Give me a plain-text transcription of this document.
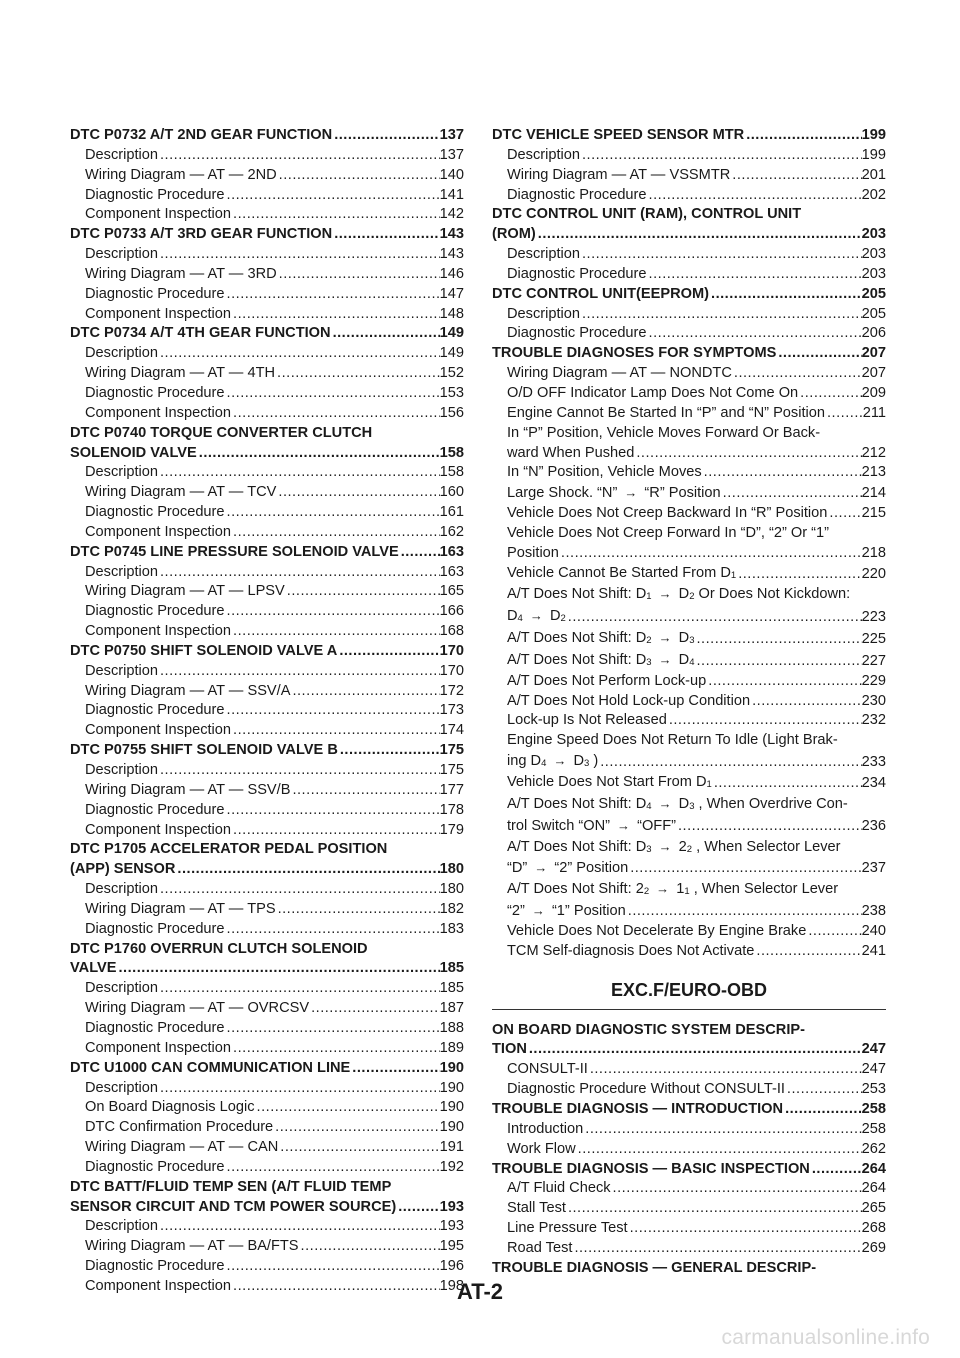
DTC P0732 A/T 2ND GEAR FUNCTION .....	137
Description .....	137
Wiring Diagram — AT — 2ND .....	140
Diagnostic Procedure .....	141
Component Inspection .....	142
DTC P0733 A/T 3RD GEAR FUNCTION .....	143
Description .....	143
Wiring Diagram — AT — 3RD .....	146
Diagnostic Procedure .....	147
Component Inspection .....	148
DTC P0734 A/T 4TH GEAR FUNCTION .....	149
Description .....	149
Wiring Diagram — AT — 4TH .....	152
Diagnostic Procedure .....	153
Component Inspection .....	156
DTC P0740 TORQUE CONVERTER CLUTCH
SOLENOID VALVE .....	158
Description .....	158
Wiring Diagram — AT — TCV .....	160
Diagnostic Procedure .....	161
Component Inspection .....	162
DTC P0745 LINE PRESSURE SOLENOID VALVE .....	163
Description .....	163
Wiring Diagram — AT — LPSV .....	165
Diagnostic Procedure .....	166
Component Inspection .....	168
DTC P0750 SHIFT SOLENOID VALVE A .....	170
Description .....	170
Wiring Diagram — AT — SSV/A .....	172
Diagnostic Procedure .....	173
Component Inspection .....	174
DTC P0755 SHIFT SOLENOID VALVE B .....	175
Description .....	175
Wiring Diagram — AT — SSV/B .....	177
Diagnostic Procedure .....	178
Component Inspection .....	179
DTC P1705 ACCELERATOR PEDAL POSITION
(APP) SENSOR .....	180
Description .....	180
Wiring Diagram — AT — TPS .....	182
Diagnostic Procedure .....	183
DTC P1760 OVERRUN CLUTCH SOLENOID
VALVE .....	185
Description .....	185
Wiring Diagram — AT — OVRCSV .....	187
Diagnostic Procedure .....	188
Component Inspection .....	189
DTC U1000 CAN COMMUNICATION LINE .....	190
Description .....	190
On Board Diagnosis Logic .....	190
DTC Confirmation Procedure .....	190
Wiring Diagram — AT — CAN .....	191
Diagnostic Procedure .....	192
DTC BATT/FLUID TEMP SEN (A/T FLUID TEMP
SENSOR CIRCUIT AND TCM POWER SOURCE) .....	193
Description .....	193
Wiring Diagram — AT — BA/FTS .....	195
Diagnostic Procedure .....	196
Component Inspection .....	198
DTC VEHICLE SPEED SENSOR MTR .....	199
Description .....	199
Wiring Diagram — AT — VSSMTR .....	201
Diagnostic Procedure .....	202
DTC CONTROL UNIT (RAM), CONTROL UNIT
(ROM) .....	203
Description .....	203
Diagnostic Procedure .....	203
DTC CONTROL UNIT(EEPROM) .....	205
Description .....	205
Diagnostic Procedure .....	206
TROUBLE DIAGNOSES FOR SYMPTOMS .....	207
Wiring Diagram — AT — NONDTC .....	207
O/D OFF Indicator Lamp Does Not Come On .....	209
Engine Cannot Be Started In “P” and “N” Position .....	211
In “P” Position, Vehicle Moves Forward Or Back-
ward When Pushed .....	212
In “N” Position, Vehicle Moves .....	213
Large Shock. “N” → “R” Position .....	214
Vehicle Does Not Creep Backward In “R” Position ..... 215
Vehicle Does Not Creep Forward In “D”, “2” Or “1”
Position .....	218
Vehicle Cannot Be Started From $D_1$ .....	220
A/T Does Not Shift: $D_1 \to D_2$ Or Does Not Kickdown:
$D_4 \to D_2$ .....	223
A/T Does Not Shift: $D_2 \to D_3$ .....	225
A/T Does Not Shift: $D_3 \to D_4$ .....	227
A/T Does Not Perform Lock-up .....	229
A/T Does Not Hold Lock-up Condition .....	230
Lock-up Is Not Released .....	232
Engine Speed Does Not Return To Idle (Light Brak-
ing $D_4 \to D_3$ ) .....	233
Vehicle Does Not Start From $D_1$ .....	234
A/T Does Not Shift: $D_4 \to D_3$ , When Overdrive Con-
trol Switch “ON” → “OFF” .....	236
A/T Does Not Shift: $D_3 \to 2_2$ , When Selector Lever
“D” → “2” Position .....	237
A/T Does Not Shift: $2_2 \to 1_1$ , When Selector Lever
“2” → “1” Position .....	238
Vehicle Does Not Decelerate By Engine Brake .....	240
TCM Self-diagnosis Does Not Activate .....	241
EXC.F/EURO-OBD
ON BOARD DIAGNOSTIC SYSTEM DESCRIP-
TION .....	247
CONSULT-II .....	247
Diagnostic Procedure Without CONSULT-II .....	253
TROUBLE DIAGNOSIS — INTRODUCTION .....	258
Introduction .....	258
Work Flow .....	262
TROUBLE DIAGNOSIS — BASIC INSPECTION .....	264
A/T Fluid Check .....	264
Stall Test .....	265
Line Pressure Test .....	268
Road Test .....	269
TROUBLE DIAGNOSIS — GENERAL DESCRIP-
AT-2
carmanualsonline.info
